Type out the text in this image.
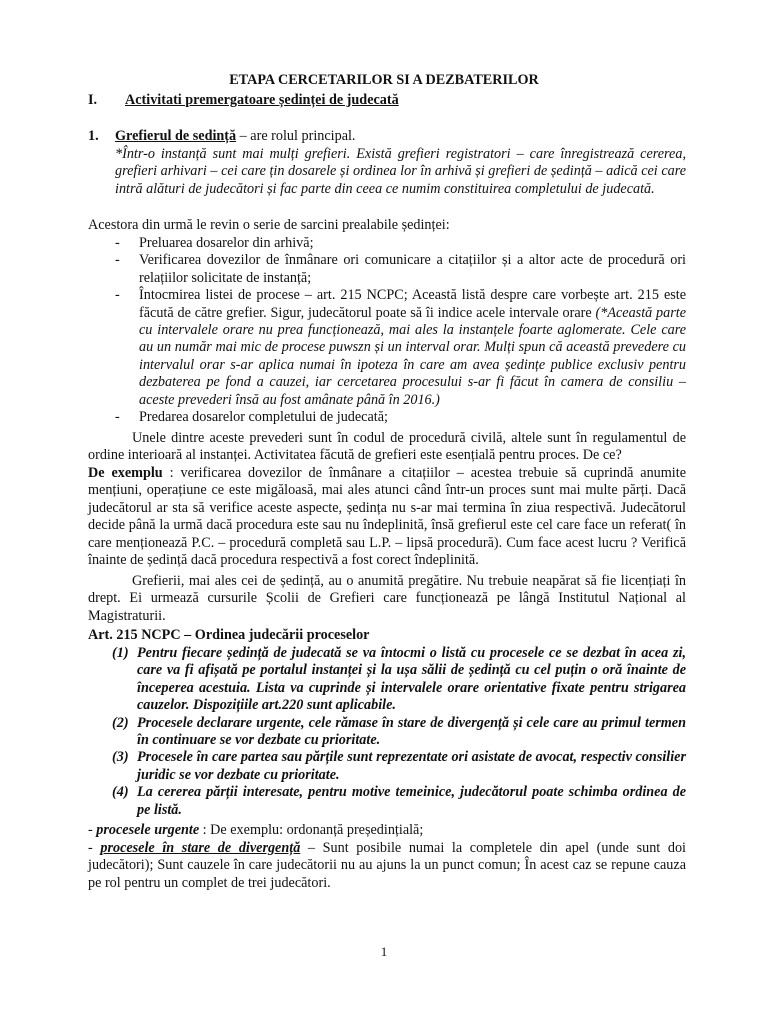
ETAPA CERCETARILOR SI A DEZBATERILOR
I. Activitati premergatoare ședinței de judecată
1. Grefierul de sedință – are rolul principal.
*Într-o instanță sunt mai mulți grefieri. Există grefieri registratori – care înregistrează cererea, grefieri arhivari – cei care țin dosarele și ordinea lor în arhivă și grefieri de ședință – adică cei care intră alături de judecători și fac parte din ceea ce numim constituirea completului de judecată.
Acestora din urmă le revin o serie de sarcini prealabile ședinței:
- Preluarea dosarelor din arhivă;
- Verificarea dovezilor de înmânare ori comunicare a citațiilor și a altor acte de procedură ori relațiilor solicitate de instanță;
- Întocmirea listei de procese – art. 215 NCPC; Această listă despre care vorbește art. 215 este făcută de către grefier. Sigur, judecătorul poate să îi indice acele intervale orare (*Această parte cu intervalele orare nu prea funcționează, mai ales la instanțele foarte aglomerate. Cele care au un număr mai mic de procese puwszn și un interval orar. Mulți spun că această prevedere cu intervalul orar s-ar aplica numai în ipoteza în care am avea ședințe publice exclusiv pentru dezbaterea pe fond a cauzei, iar cercetarea procesului s-ar fi făcut în camera de consiliu – aceste prevederi însă au fost amânate până în 2016.)
- Predarea dosarelor completului de judecată;
Unele dintre aceste prevederi sunt în codul de procedură civilă, altele sunt în regulamentul de ordine interioară al instanței. Activitatea făcută de grefieri este esențială pentru proces. De ce?
De exemplu : verificarea dovezilor de înmânare a citațiilor – acestea trebuie să cuprindă anumite mențiuni, operațiune ce este migăloasă, mai ales atunci când într-un proces sunt mai multe părți. Dacă judecătorul ar sta să verifice aceste aspecte, ședința nu s-ar mai termina în ziua respectivă. Judecătorul decide până la urmă dacă procedura este sau nu îndeplinită, însă grefierul este cel care face un referat( în care menționează P.C. – procedură completă sau L.P. – lipsă procedură). Cum face acest lucru ? Verifică înainte de ședință dacă procedura respectivă a fost corect îndeplinită.
Grefierii, mai ales cei de ședință, au o anumită pregătire. Nu trebuie neapărat să fie licențiați în drept. Ei urmează cursurile Școlii de Grefieri care funcționează pe lângă Institutul Național al Magistraturii.
Art. 215 NCPC – Ordinea judecării proceselor
(1) Pentru fiecare ședință de judecată se va întocmi o listă cu procesele ce se dezbat în acea zi, care va fi afișată pe portalul instanței și la ușa sălii de ședință cu cel puțin o oră înainte de începerea acestuia. Lista va cuprinde și intervalele orare orientative fixate pentru strigarea cauzelor. Dispozițiile art.220 sunt aplicabile.
(2) Procesele declarare urgente, cele rămase în stare de divergență și cele care au primul termen în continuare se vor dezbate cu prioritate.
(3) Procesele în care partea sau părțile sunt reprezentate ori asistate de avocat, respectiv consilier juridic se vor dezbate cu prioritate.
(4) La cererea părții interesate, pentru motive temeinice, judecătorul poate schimba ordinea de pe listă.
- procesele urgente : De exemplu: ordonanță președințială;
- procesele în stare de divergență – Sunt posibile numai la completele din apel (unde sunt doi judecători); Sunt cauzele în care judecătorii nu au ajuns la un punct comun; În acest caz se repune cauza pe rol pentru un complet de trei judecători.
1
